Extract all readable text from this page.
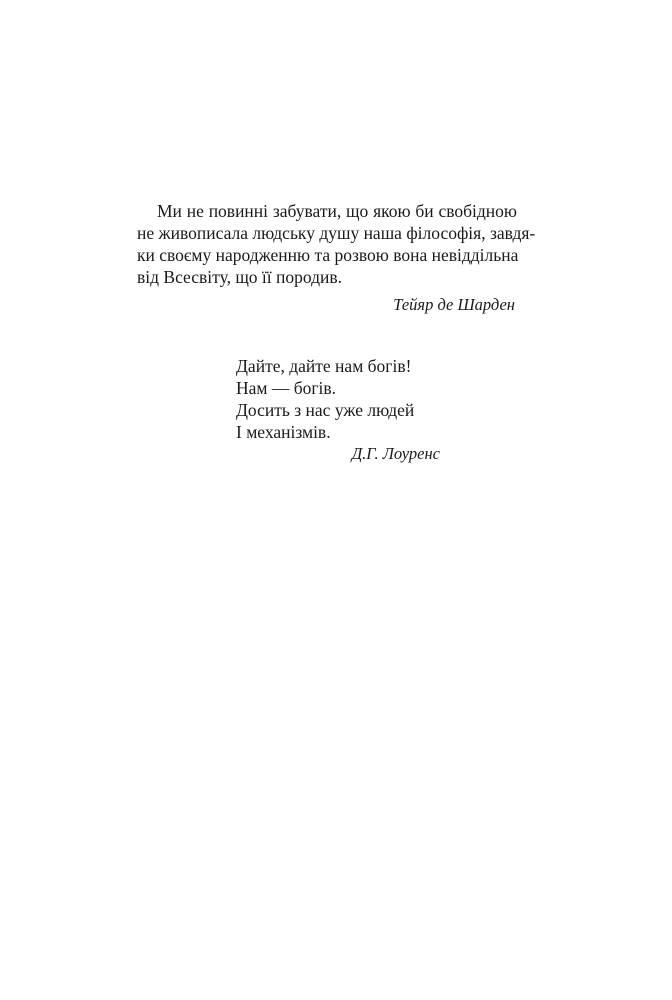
Ми не повинні забувати, що якою би свобідною
не живописала людську душу наша філософія, завдя-
ки своєму народженню та розвою вона невіддільна
від Всесвіту, що її породив.
Тейяр де Шарден
Дайте, дайте нам богів!
Нам — богів.
Досить з нас уже людей
І механізмів.
Д.Г. Лоуренс
